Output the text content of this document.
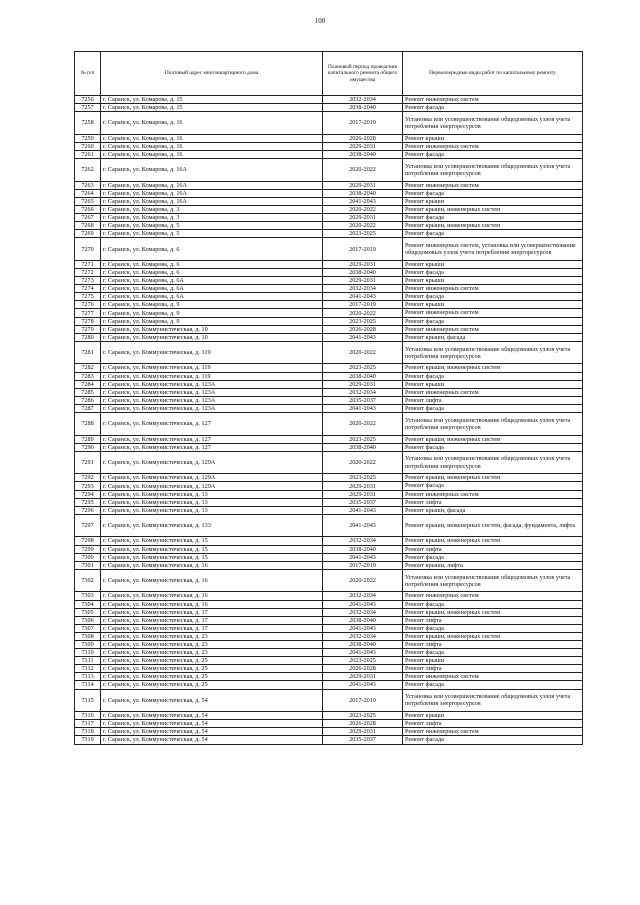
100
№ п/п	Почтовый адрес многоквартирного дома	Плановый период проведения капитального ремонта общего имущества	Первоочередные виды работ по капитальному ремонту
7256	г. Саранск, ул. Комарова, д. 15	2032-2034	Ремонт инженерных систем
7257	г. Саранск, ул. Комарова, д. 15	2038-2040	Ремонт фасада
7258	г. Саранск, ул. Комарова, д. 16	2017-2019	Установка или усовершенствование общедомовых узлов учета потребления энергоресурсов
7259	г. Саранск, ул. Комарова, д. 16	2026-2028	Ремонт крыши
7260	г. Саранск, ул. Комарова, д. 16	2029-2031	Ремонт инженерных систем
7261	г. Саранск, ул. Комарова, д. 16	2038-2040	Ремонт фасада
7262	г. Саранск, ул. Комарова, д. 16А	2020-2022	Установка или усовершенствование общедомовых узлов учета потребления энергоресурсов
7263	г. Саранск, ул. Комарова, д. 16А	2029-2031	Ремонт инженерных систем
7264	г. Саранск, ул. Комарова, д. 16А	2038-2040	Ремонт фасада
7265	г. Саранск, ул. Комарова, д. 16А	2041-2043	Ремонт крыши
7266	г. Саранск, ул. Комарова, д. 3	2020-2022	Ремонт крыши, инженерных систем
7267	г. Саранск, ул. Комарова, д. 3	2029-2031	Ремонт фасада
7268	г. Саранск, ул. Комарова, д. 5	2020-2022	Ремонт крыши, инженерных систем
7269	г. Саранск, ул. Комарова, д. 5	2023-2025	Ремонт фасада
7270	г. Саранск, ул. Комарова, д. 6	2017-2019	Ремонт инженерных систем, установка или усовершенствование общедомовых узлов учета потребления энергоресурсов
7271	г. Саранск, ул. Комарова, д. 6	2029-2031	Ремонт крыши
7272	г. Саранск, ул. Комарова, д. 6	2038-2040	Ремонт фасада
7273	г. Саранск, ул. Комарова, д. 6А	2029-2031	Ремонт крыши
7274	г. Саранск, ул. Комарова, д. 6А	2032-2034	Ремонт инженерных систем
7275	г. Саранск, ул. Комарова, д. 6А	2041-2043	Ремонт фасада
7276	г. Саранск, ул. Комарова, д. 9	2017-2019	Ремонт крыши
7277	г. Саранск, ул. Комарова, д. 9	2020-2022	Ремонт инженерных систем
7278	г. Саранск, ул. Комарова, д. 9	2023-2025	Ремонт фасада
7279	г. Саранск, ул. Коммунистическая, д. 10	2026-2028	Ремонт инженерных систем
7280	г. Саранск, ул. Коммунистическая, д. 10	2041-2043	Ремонт крыши, фасада
7281	г. Саранск, ул. Коммунистическая, д. 119	2020-2022	Установка или усовершенствование общедомовых узлов учета потребления энергоресурсов
7282	г. Саранск, ул. Коммунистическая, д. 119	2023-2025	Ремонт крыши, инженерных систем
7283	г. Саранск, ул. Коммунистическая, д. 119	2038-2040	Ремонт фасада
7284	г. Саранск, ул. Коммунистическая, д. 123А	2029-2031	Ремонт крыши
7285	г. Саранск, ул. Коммунистическая, д. 123А	2032-2034	Ремонт инженерных систем
7286	г. Саранск, ул. Коммунистическая, д. 123А	2035-2037	Ремонт лифта
7287	г. Саранск, ул. Коммунистическая, д. 123А	2041-2043	Ремонт фасада
7288	г. Саранск, ул. Коммунистическая, д. 127	2020-2022	Установка или усовершенствование общедомовых узлов учета потребления энергоресурсов
7289	г. Саранск, ул. Коммунистическая, д. 127	2023-2025	Ремонт крыши, инженерных систем
7290	г. Саранск, ул. Коммунистическая, д. 127	2038-2040	Ремонт фасада
7291	г. Саранск, ул. Коммунистическая, д. 129А	2020-2022	Установка или усовершенствование общедомовых узлов учета потребления энергоресурсов
7292	г. Саранск, ул. Коммунистическая, д. 129А	2023-2025	Ремонт крыши, инженерных систем
7293	г. Саранск, ул. Коммунистическая, д. 129А	2029-2031	Ремонт фасада
7294	г. Саранск, ул. Коммунистическая, д. 13	2029-2031	Ремонт инженерных систем
7295	г. Саранск, ул. Коммунистическая, д. 13	2035-2037	Ремонт лифта
7296	г. Саранск, ул. Коммунистическая, д. 13	2041-2043	Ремонт крыши, фасада
7297	г. Саранск, ул. Коммунистическая, д. 133	2041-2043	Ремонт крыши, инженерных систем, фасада, фундамента, лифта
7298	г. Саранск, ул. Коммунистическая, д. 15	2032-2034	Ремонт крыши, инженерных систем
7299	г. Саранск, ул. Коммунистическая, д. 15	2038-2040	Ремонт лифта
7300	г. Саранск, ул. Коммунистическая, д. 15	2041-2043	Ремонт фасада
7301	г. Саранск, ул. Коммунистическая, д. 16	2017-2019	Ремонт крыши, лифта
7302	г. Саранск, ул. Коммунистическая, д. 16	2020-2022	Установка или усовершенствование общедомовых узлов учета потребления энергоресурсов
7303	г. Саранск, ул. Коммунистическая, д. 16	2032-2034	Ремонт инженерных систем
7304	г. Саранск, ул. Коммунистическая, д. 16	2041-2043	Ремонт фасада
7305	г. Саранск, ул. Коммунистическая, д. 17	2032-2034	Ремонт крыши, инженерных систем
7306	г. Саранск, ул. Коммунистическая, д. 17	2038-2040	Ремонт лифта
7307	г. Саранск, ул. Коммунистическая, д. 17	2041-2043	Ремонт фасада
7308	г. Саранск, ул. Коммунистическая, д. 23	2032-2034	Ремонт крыши, инженерных систем
7309	г. Саранск, ул. Коммунистическая, д. 23	2038-2040	Ремонт лифта
7310	г. Саранск, ул. Коммунистическая, д. 23	2041-2043	Ремонт фасада
7311	г. Саранск, ул. Коммунистическая, д. 25	2023-2025	Ремонт крыши
7312	г. Саранск, ул. Коммунистическая, д. 25	2026-2028	Ремонт лифта
7313	г. Саранск, ул. Коммунистическая, д. 25	2029-2031	Ремонт инженерных систем
7314	г. Саранск, ул. Коммунистическая, д. 25	2041-2043	Ремонт фасада
7315	г. Саранск, ул. Коммунистическая, д. 54	2017-2019	Установка или усовершенствование общедомовых узлов учета потребления энергоресурсов
7316	г. Саранск, ул. Коммунистическая, д. 54	2023-2025	Ремонт крыши
7317	г. Саранск, ул. Коммунистическая, д. 54	2026-2028	Ремонт лифта
7318	г. Саранск, ул. Коммунистическая, д. 54	2029-2031	Ремонт инженерных систем
7319	г. Саранск, ул. Коммунистическая, д. 54	2035-2037	Ремонт фасада
